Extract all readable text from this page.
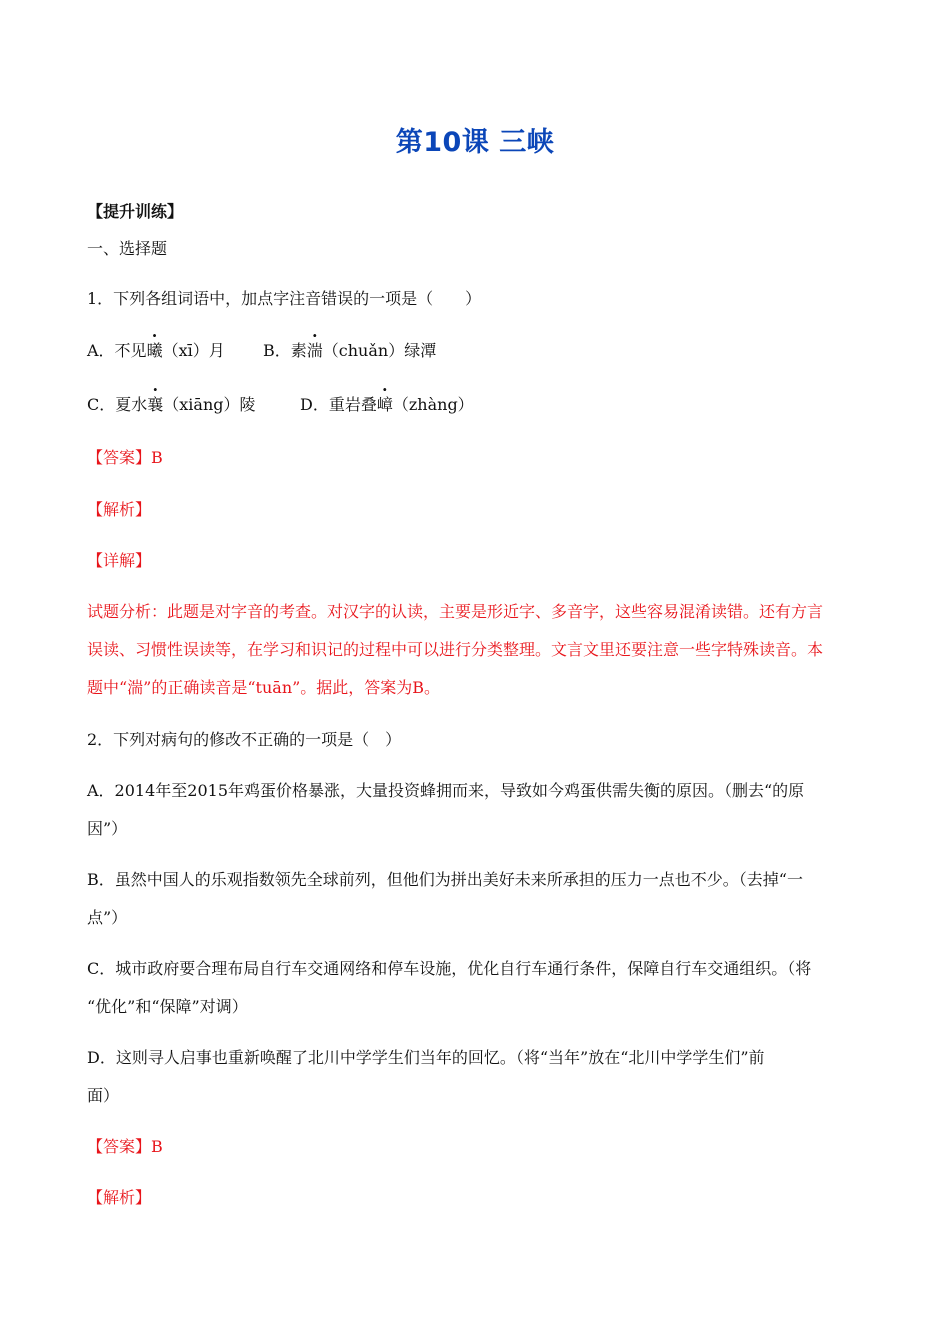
第10课 三峡
【提升训练】
一、选择题
1．下列各组词语中，加点字注音错误的一项是（　　）
A．不见曦（xī）月 B．素湍（chuǎn）绿潭
C．夏水襄（xiāng）陵	D．重岩叠嶂（zhàng）
【答案】B
【解析】
【详解】
试题分析：此题是对字音的考查。对汉字的认读，主要是形近字、多音字，这些容易混淆读错。还有方言
误读、习惯性误读等，在学习和识记的过程中可以进行分类整理。文言文里还要注意一些字特殊读音。本
题中“湍”的正确读音是“tuān”。据此，答案为B。
2．下列对病句的修改不正确的一项是（　）
A．2014年至2015年鸡蛋价格暴涨，大量投资蜂拥而来，导致如今鸡蛋供需失衡的原因。（删去“的原
因”）
B．虽然中国人的乐观指数领先全球前列，但他们为拼出美好未来所承担的压力一点也不少。（去掉“一
点”）
C．城市政府要合理布局自行车交通网络和停车设施，优化自行车通行条件，保障自行车交通组织。（将
“优化”和“保障”对调）
D．这则寻人启事也重新唤醒了北川中学学生们当年的回忆。（将“当年”放在“北川中学学生们”前
面）
【答案】B
【解析】
